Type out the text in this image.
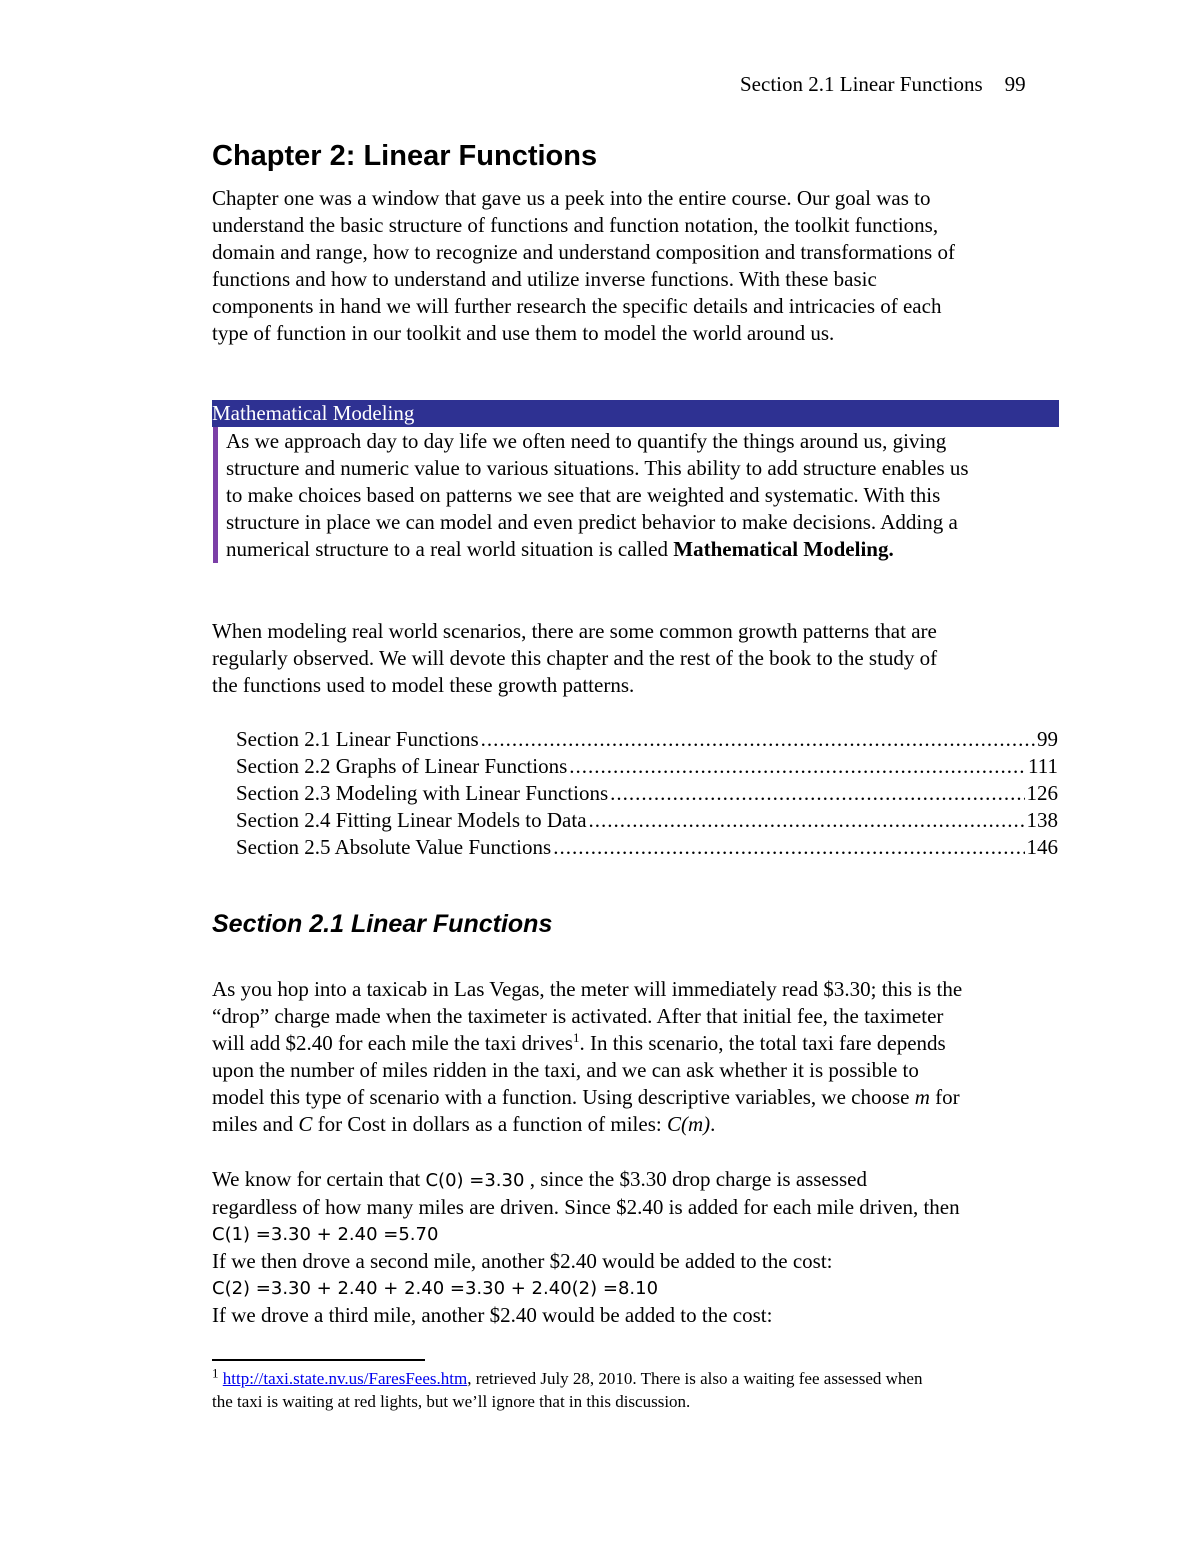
Section 2.1 Linear Functions 99
Chapter 2: Linear Functions
Chapter one was a window that gave us a peek into the entire course. Our goal was to
understand the basic structure of functions and function notation, the toolkit functions,
domain and range, how to recognize and understand composition and transformations of
functions and how to understand and utilize inverse functions. With these basic
components in hand we will further research the specific details and intricacies of each
type of function in our toolkit and use them to model the world around us.
Mathematical Modeling
As we approach day to day life we often need to quantify the things around us, giving
structure and numeric value to various situations. This ability to add structure enables us
to make choices based on patterns we see that are weighted and systematic. With this
structure in place we can model and even predict behavior to make decisions. Adding a
numerical structure to a real world situation is called Mathematical Modeling.
When modeling real world scenarios, there are some common growth patterns that are
regularly observed. We will devote this chapter and the rest of the book to the study of
the functions used to model these growth patterns.
Section 2.1 Linear Functions .....	99
Section 2.2 Graphs of Linear Functions .....	111
Section 2.3 Modeling with Linear Functions .....	126
Section 2.4 Fitting Linear Models to Data .....	138
Section 2.5 Absolute Value Functions .....	146
Section 2.1 Linear Functions
As you hop into a taxicab in Las Vegas, the meter will immediately read $3.30; this is the
“drop” charge made when the taximeter is activated. After that initial fee, the taximeter
will add $2.40 for each mile the taxi drives$^1$. In this scenario, the total taxi fare depends
upon the number of miles ridden in the taxi, and we can ask whether it is possible to
model this type of scenario with a function. Using descriptive variables, we choose m for
miles and C for Cost in dollars as a function of miles: C(m).
We know for certain that C(0) =3.30 , since the $3.30 drop charge is assessed
regardless of how many miles are driven. Since $2.40 is added for each mile driven, then
C(1) =3.30 + 2.40 =5.70
If we then drove a second mile, another $2.40 would be added to the cost:
C(2) =3.30 + 2.40 + 2.40 =3.30 + 2.40(2) =8.10
If we drove a third mile, another $2.40 would be added to the cost:
$^1$ http://taxi.state.nv.us/FaresFees.htm, retrieved July 28, 2010. There is also a waiting fee assessed when
the taxi is waiting at red lights, but we’ll ignore that in this discussion.
